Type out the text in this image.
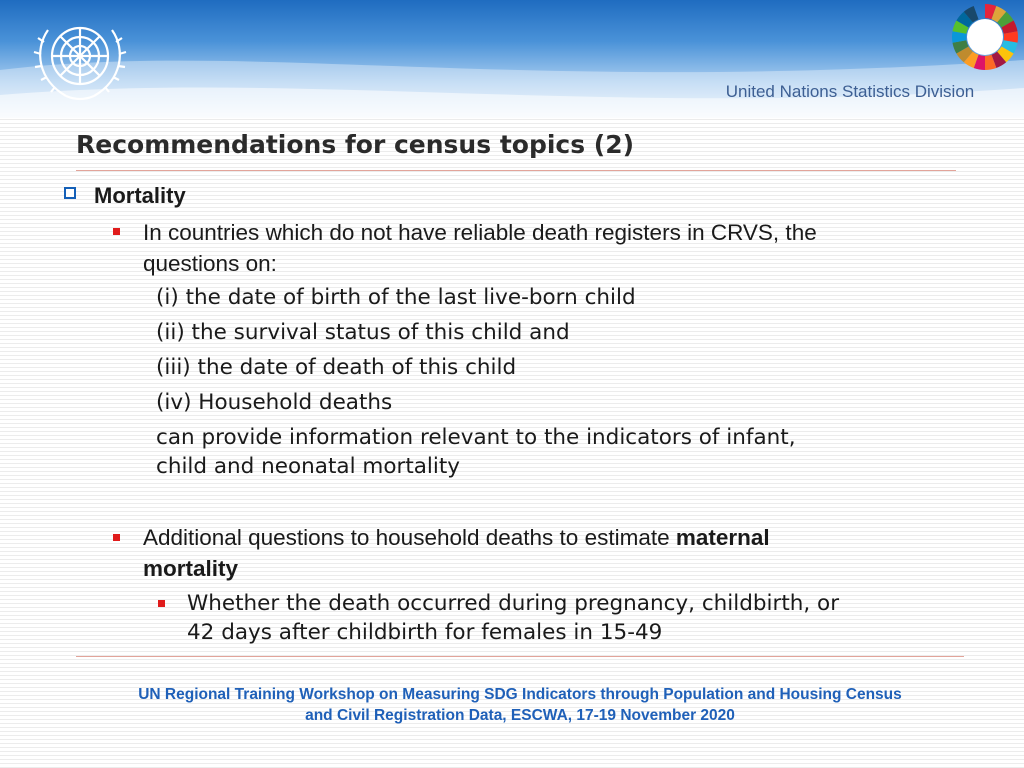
United Nations Statistics Division
Recommendations for census topics (2)
Mortality

In countries which do not have reliable death registers in CRVS, the
questions on:

(i) the date of birth of the last live-born child
(ii) the survival status of this child and
(iii) the date of death of this child
(iv) Household deaths
can provide information relevant to the indicators of infant,
child and neonatal mortality

Additional questions to household deaths to estimate maternal
mortality

Whether the death occurred during pregnancy, childbirth, or
42 days after childbirth for females in 15-49
UN Regional Training Workshop on Measuring SDG Indicators through Population and Housing Census
and Civil Registration Data, ESCWA, 17-19 November 2020
